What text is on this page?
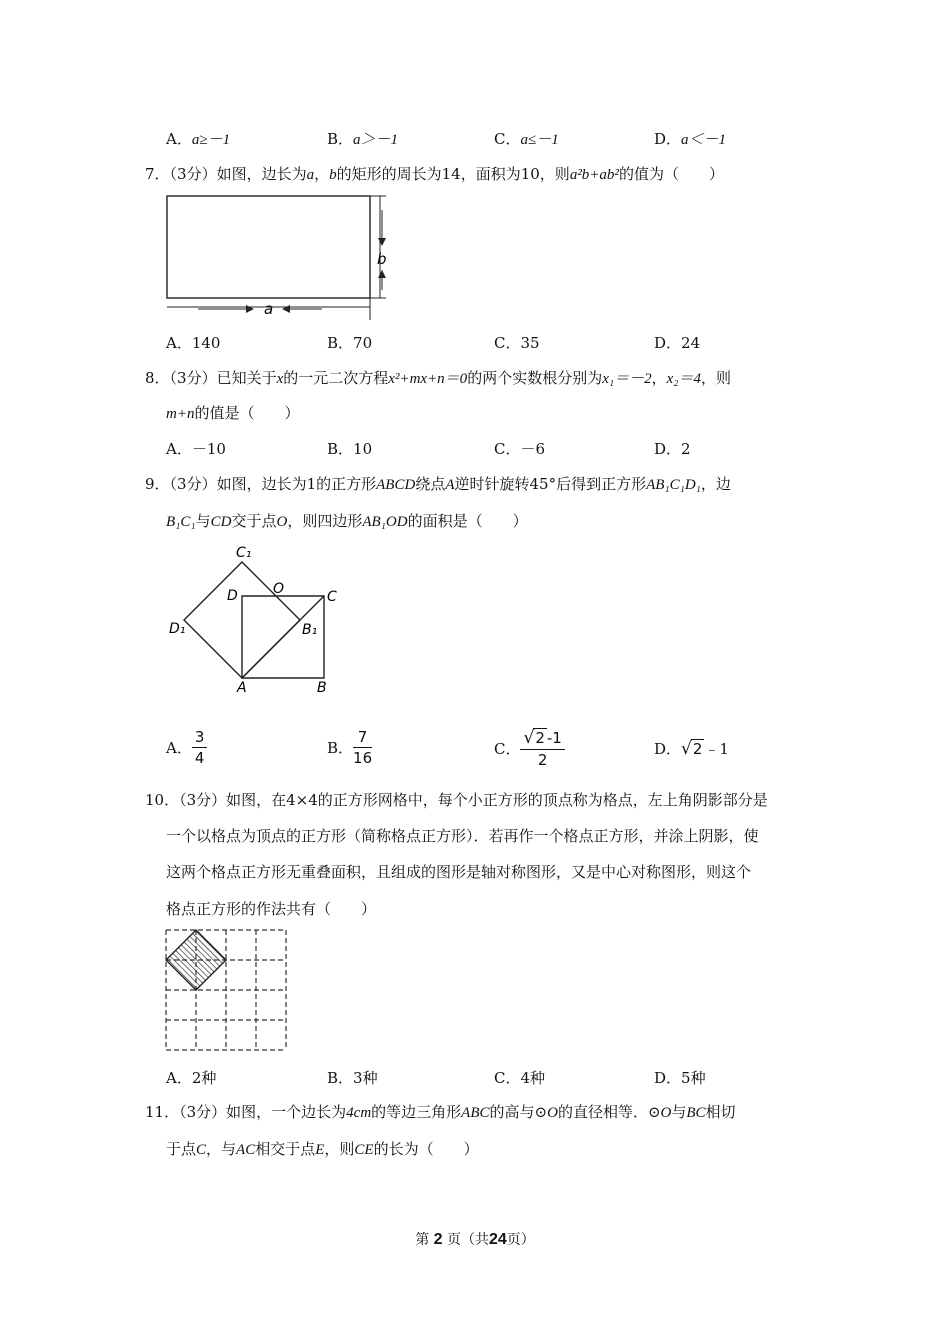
A．a≥－1	B．a＞－1	C．a≤－1	D．a＜－1
7．（3分）如图，边长为a，b的矩形的周长为14，面积为10，则a²b+ab²的值为（　　）
b
a
A．140	B．70	C．35	D．24
8．（3分）已知关于x的一元二次方程x²+mx+n＝0的两个实数根分别为x₁＝－2，x₂＝4，则
m+n的值是（　　）
A．－10	B．10	C．－6	D．2
9．（3分）如图，边长为1的正方形ABCD绕点A逆时针旋转45°后得到正方形AB₁C₁D₁，边
B₁C₁与CD交于点O，则四边形AB₁OD的面积是（　　）
C₁
D	O	C
D₁	B₁
A	B
A． $\frac{3}{4}$	B． $\frac{7}{16}$	C． $\frac{√2 -1}{2}$	D．√2 ﹣1
10．（3分）如图，在4×4的正方形网格中，每个小正方形的顶点称为格点，左上角阴影部分是
一个以格点为顶点的正方形（简称格点正方形）．若再作一个格点正方形，并涂上阴影，使
这两个格点正方形无重叠面积，且组成的图形是轴对称图形，又是中心对称图形，则这个
格点正方形的作法共有（　　）
A．2种	B．3种	C．4种	D．5种
11．（3分）如图，一个边长为4cm的等边三角形ABC的高与⊙O的直径相等．⊙O与BC相切
于点C，与AC相交于点E，则CE的长为（　　）
第 2 页（共24页）
